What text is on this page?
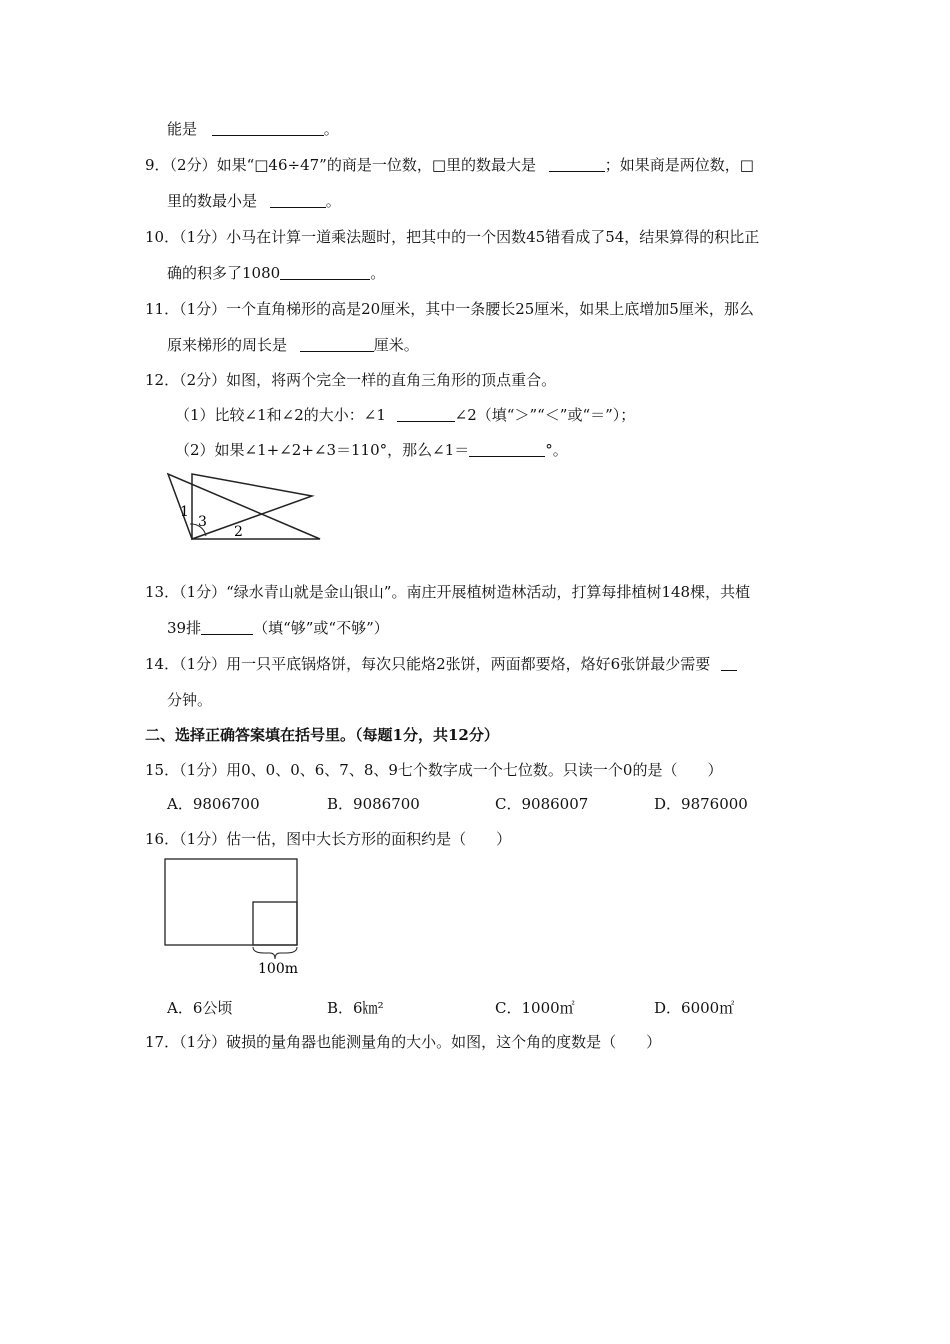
能是	。
9．（2分）如果“□46÷47”的商是一位数，□里的数最大是	；如果商是两位数，□
里的数最小是	。
10．（1分）小马在计算一道乘法题时，把其中的一个因数45错看成了54，结果算得的积比正
确的积多了1080	。
11．（1分）一个直角梯形的高是20厘米，其中一条腰长25厘米，如果上底增加5厘米，那么
原来梯形的周长是	厘米。
12．（2分）如图，将两个完全一样的直角三角形的顶点重合。
（1）比较∠1和∠2的大小：∠1	∠2（填“＞”“＜”或“＝”）；
（2）如果∠1+∠2+∠3＝110°，那么∠1＝	°。
1
3
2
13．（1分）“绿水青山就是金山银山”。南庄开展植树造林活动，打算每排植树148棵，共植
39排	（填“够”或“不够”）
14．（1分）用一只平底锅烙饼，每次只能烙2张饼，两面都要烙，烙好6张饼最少需要
分钟。
二、选择正确答案填在括号里。（每题1分，共12分）
15．（1分）用0、0、0、6、7、8、9七个数字成一个七位数。只读一个0的是（　　）
A．9806700	B．9086700	C．9086007	D．9876000
16．（1分）估一估，图中大长方形的面积约是（　　）
100m
A．6公顷	B．6㎞²	C．1000㎡	D．6000㎡
17．（1分）破损的量角器也能测量角的大小。如图，这个角的度数是（　　）
